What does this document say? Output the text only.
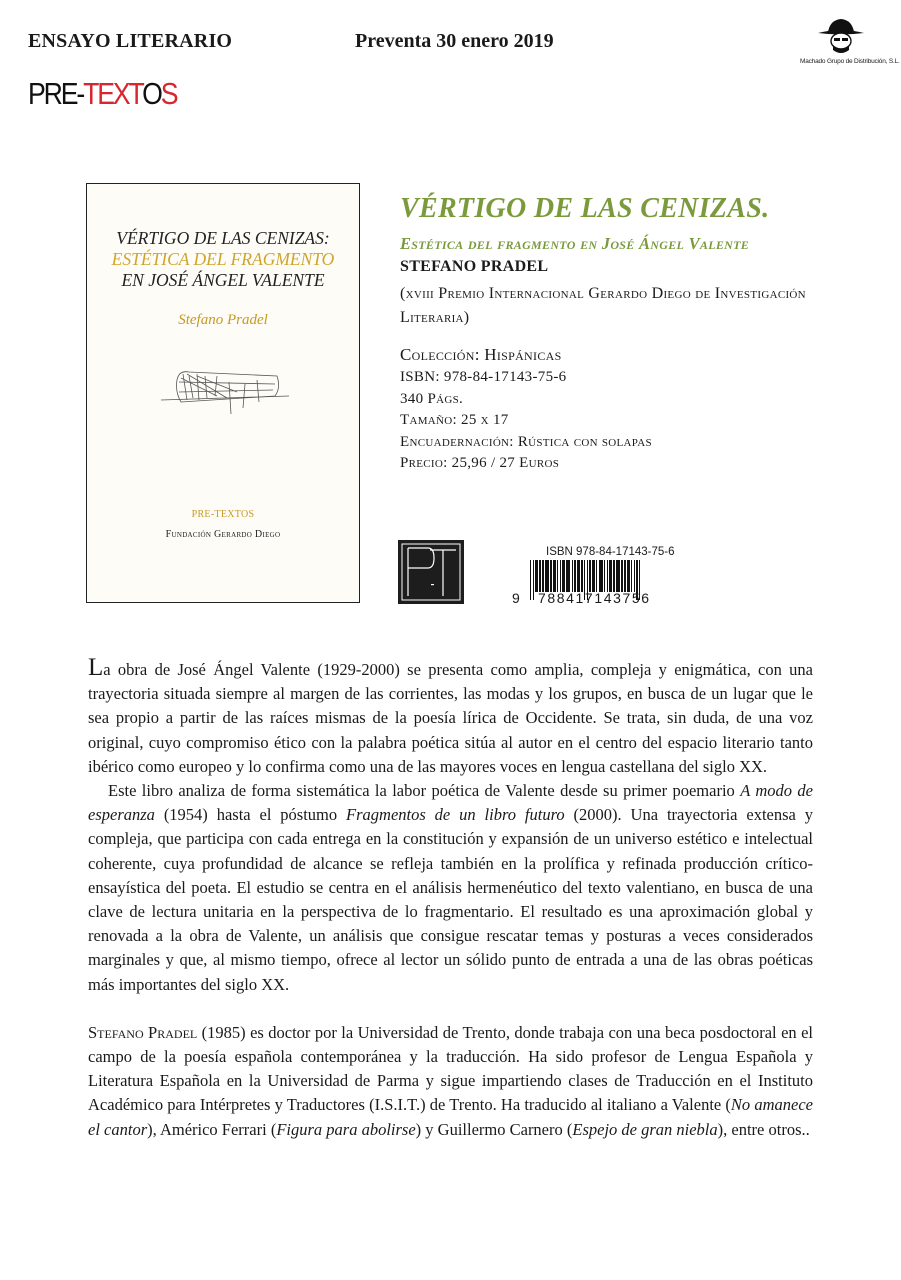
ENSAYO LITERARIO	Preventa 30 enero 2019
Machado Grupo de Distribución, S.L.
PRE-TEXTOS
VÉRTIGO DE LAS CENIZAS:
ESTÉTICA DEL FRAGMENTO
EN JOSÉ ÁNGEL VALENTE
Stefano Pradel
PRE-TEXTOS
Fundación Gerardo Diego
VÉRTIGO DE LAS CENIZAS.
Estética del fragmento en José Ángel Valente
STEFANO PRADEL
(xviii Premio Internacional Gerardo Diego de Investigación Literaria)
Colección: Hispánicas
ISBN: 978-84-17143-75-6
340 Págs.
Tamaño: 25 x 17
Encuadernación: Rústica con solapas
Precio: 25,96 / 27 Euros
ISBN 978-84-17143-75-6
9 788417143756

La obra de José Ángel Valente (1929-2000) se presenta como amplia, compleja y enigmática, con una trayectoria situada siempre al margen de las corrientes, las modas y los grupos, en busca de un lugar que le sea propio a partir de las raíces mismas de la poesía lírica de Occidente. Se trata, sin duda, de una voz original, cuyo compromiso ético con la palabra poética sitúa al autor en el centro del espacio literario tanto ibérico como europeo y lo confirma como una de las mayores voces en lengua castellana del siglo XX.

Este libro analiza de forma sistemática la labor poética de Valente desde su primer poemario A modo de esperanza (1954) hasta el póstumo Fragmentos de un libro futuro (2000). Una trayectoria extensa y compleja, que participa con cada entrega en la constitución y expansión de un universo estético e intelectual coherente, cuya profundidad de alcance se refleja también en la prolífica y refinada producción crítico-ensayística del poeta. El estudio se centra en el análisis hermenéutico del texto valentiano, en busca de una clave de lectura unitaria en la perspectiva de lo fragmentario. El resultado es una aproximación global y renovada a la obra de Valente, un análisis que consigue rescatar temas y posturas a veces considerados marginales y que, al mismo tiempo, ofrece al lector un sólido punto de entrada a una de las obras poéticas más importantes del siglo XX.

Stefano Pradel (1985) es doctor por la Universidad de Trento, donde trabaja con una beca posdoctoral en el campo de la poesía española contemporánea y la traducción. Ha sido profesor de Lengua Española y Literatura Española en la Universidad de Parma y sigue impartiendo clases de Traducción en el Instituto Académico para Intérpretes y Traductores (I.S.I.T.) de Trento. Ha traducido al italiano a Valente (No amanece el cantor), Américo Ferrari (Figura para abolirse) y Guillermo Carnero (Espejo de gran niebla), entre otros..
